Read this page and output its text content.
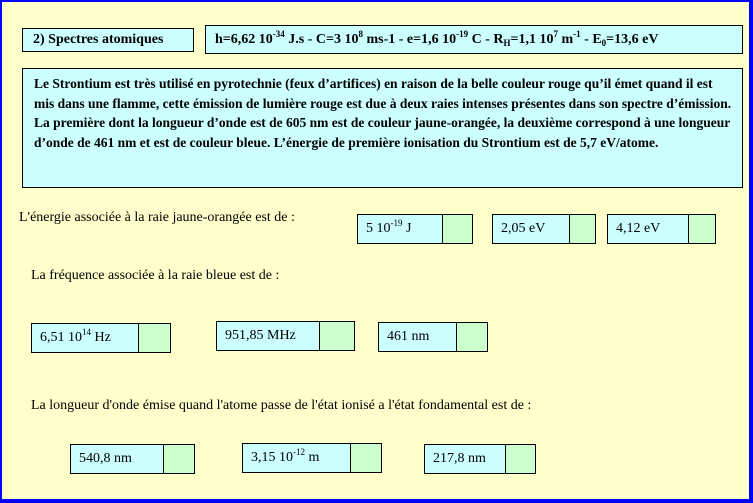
2) Spectres atomiques	h=6,62 $10^{-34}$ J.s - C=3 $10^8$ ms-1 - e=1,6 $10^{-19}$ $C - R_H=1,1$ $10^7$ $m^{-1} - E_0=13,6$ eV
Le Strontium est très utilisé en pyrotechnie (feux d’artifices) en raison de la belle couleur rouge qu’il émet quand il est mis dans une flamme, cette émission de lumière rouge est due à deux raies intenses présentes dans son spectre d’émission. La première dont la longueur d’onde est de 605 nm est de couleur jaune-orangée, la deuxième correspond à une longueur d’onde de 461 nm et est de couleur bleue. L’énergie de première ionisation du Strontium est de 5,7 eV/atome.
L'énergie associée à la raie jaune-orangée est de :
5 $10^{-19}$ J	2,05 eV	4,12 eV
La fréquence associée à la raie bleue est de :
6,51 $10^{14}$ Hz	951,85 MHz	461 nm
La longueur d'onde émise quand l'atome passe de l'état ionisé a l'état fondamental est de :
540,8 nm	3,15 $10^{-12}$ m	217,8 nm
